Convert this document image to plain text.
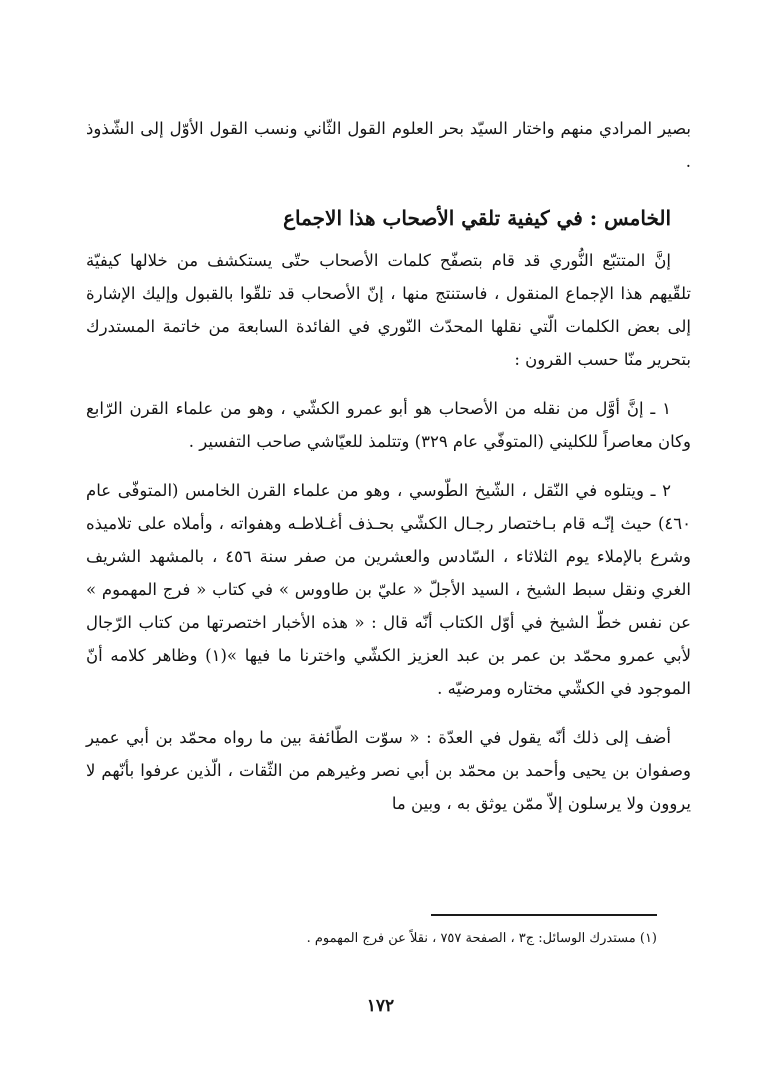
بصير المرادي منهم واختار السيّد بحر العلوم القول الثّاني ونسب القول الأوّل إلى الشّذوذ .

الخامس : في كيفية تلقي الأصحاب هذا الاجماع

إنَّ المتتبّع النُّوري قد قام بتصفّح كلمات الأصحاب حتّى يستكشف من خلالها كيفيّة تلقّيهم هذا الإجماع المنقول ، فاستنتج منها ، إنّ الأصحاب قد تلقّوا بالقبول وإليك الإشارة إلى بعض الكلمات الّتي نقلها المحدّث النّوري في الفائدة السابعة من خاتمة المستدرك بتحرير منّا حسب القرون :

١ ـ إنَّ أوَّل من نقله من الأصحاب هو أبو عمرو الكشّي ، وهو من علماء القرن الرّابع وكان معاصراً للكليني (المتوفّي عام ٣٢٩) وتتلمذ للعيّاشي صاحب التفسير .

٢ ـ ويتلوه في النّقل ، الشّيخ الطّوسي ، وهو من علماء القرن الخامس (المتوفّى عام ٤٦٠) حيث إنّـه قام بـاختصار رجـال الكشّي بحـذف أغـلاطـه وهفواته ، وأملاه على تلاميذه وشرع بالإملاء يوم الثلاثاء ، السّادس والعشرين من صفر سنة ٤٥٦ ، بالمشهد الشريف الغري ونقل سبط الشيخ ، السيد الأجلّ « عليّ بن طاووس » في كتاب « فرج المهموم » عن نفس خطّ الشيخ في أوّل الكتاب أنّه قال : « هذه الأخبار اختصرتها من كتاب الرّجال لأبي عمرو محمّد بن عمر بن عبد العزيز الكشّي واخترنا ما فيها »(١) وظاهر كلامه أنّ الموجود في الكشّي مختاره ومرضيّه .

أضف إلى ذلك أنّه يقول في العدّة : « سوّت الطّائفة بين ما رواه محمّد بن أبي عمير وصفوان بن يحيى وأحمد بن محمّد بن أبي نصر وغيرهم من الثّقات ، الّذين عرفوا بأنّهم لا يروون ولا يرسلون إلاّ ممّن يوثق به ، وبين ما

(١) مستدرك الوسائل: ج٣ ، الصفحة ٧٥٧ ، نقلاً عن فرج المهموم .
١٧٢
